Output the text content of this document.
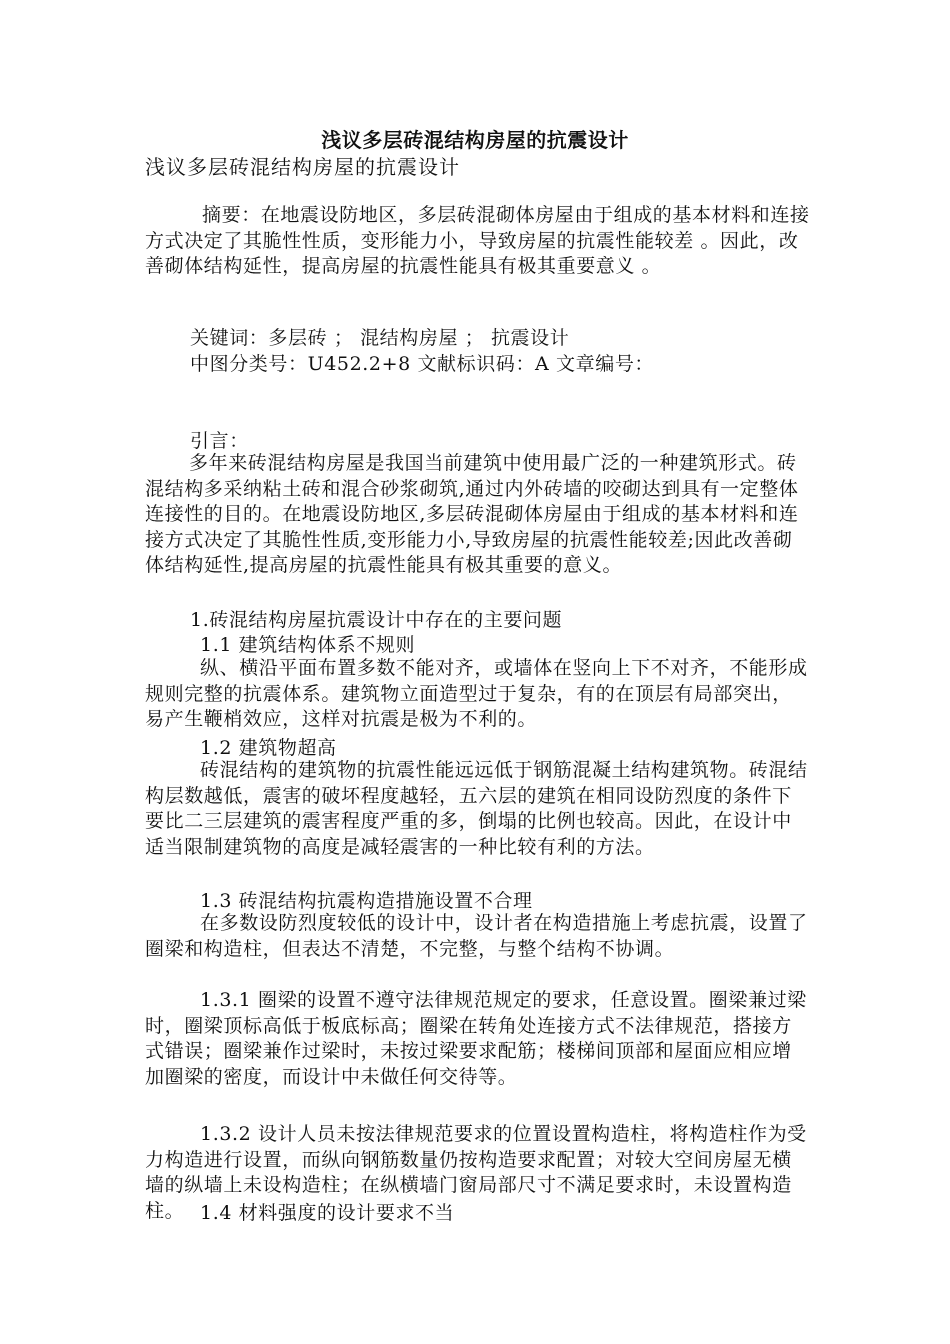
浅议多层砖混结构房屋的抗震设计
浅议多层砖混结构房屋的抗震设计
摘要：在地震设防地区，多层砖混砌体房屋由于组成的基本材料和连接方式决定了其脆性性质，变形能力小，导致房屋的抗震性能较差 。因此，改善砌体结构延性，提高房屋的抗震性能具有极其重要意义 。
关键词：多层砖 ； 混结构房屋 ； 抗震设计
中图分类号：U452.2+8 文献标识码：A 文章编号：
引言：
多年来砖混结构房屋是我国当前建筑中使用最广泛的一种建筑形式。砖混结构多采纳粘土砖和混合砂浆砌筑,通过内外砖墙的咬砌达到具有一定整体连接性的目的。在地震设防地区,多层砖混砌体房屋由于组成的基本材料和连接方式决定了其脆性性质,变形能力小,导致房屋的抗震性能较差;因此改善砌体结构延性,提高房屋的抗震性能具有极其重要的意义。
1.砖混结构房屋抗震设计中存在的主要问题
1.1 建筑结构体系不规则
纵、横沿平面布置多数不能对齐，或墙体在竖向上下不对齐，不能形成规则完整的抗震体系。建筑物立面造型过于复杂，有的在顶层有局部突出，易产生鞭梢效应，这样对抗震是极为不利的。
1.2 建筑物超高
砖混结构的建筑物的抗震性能远远低于钢筋混凝土结构建筑物。砖混结构层数越低，震害的破坏程度越轻，五六层的建筑在相同设防烈度的条件下要比二三层建筑的震害程度严重的多，倒塌的比例也较高。因此，在设计中适当限制建筑物的高度是减轻震害的一种比较有利的方法。
1.3 砖混结构抗震构造措施设置不合理
在多数设防烈度较低的设计中，设计者在构造措施上考虑抗震，设置了圈梁和构造柱，但表达不清楚，不完整，与整个结构不协调。
1.3.1 圈梁的设置不遵守法律规范规定的要求，任意设置。圈梁兼过梁时，圈梁顶标高低于板底标高；圈梁在转角处连接方式不法律规范，搭接方式错误；圈梁兼作过梁时，未按过梁要求配筋；楼梯间顶部和屋面应相应增加圈梁的密度，而设计中未做任何交待等。
1.3.2 设计人员未按法律规范要求的位置设置构造柱，将构造柱作为受力构造进行设置，而纵向钢筋数量仍按构造要求配置；对较大空间房屋无横墙的纵墙上未设构造柱；在纵横墙门窗局部尺寸不满足要求时，未设置构造柱。 1.4 材料强度的设计要求不当
